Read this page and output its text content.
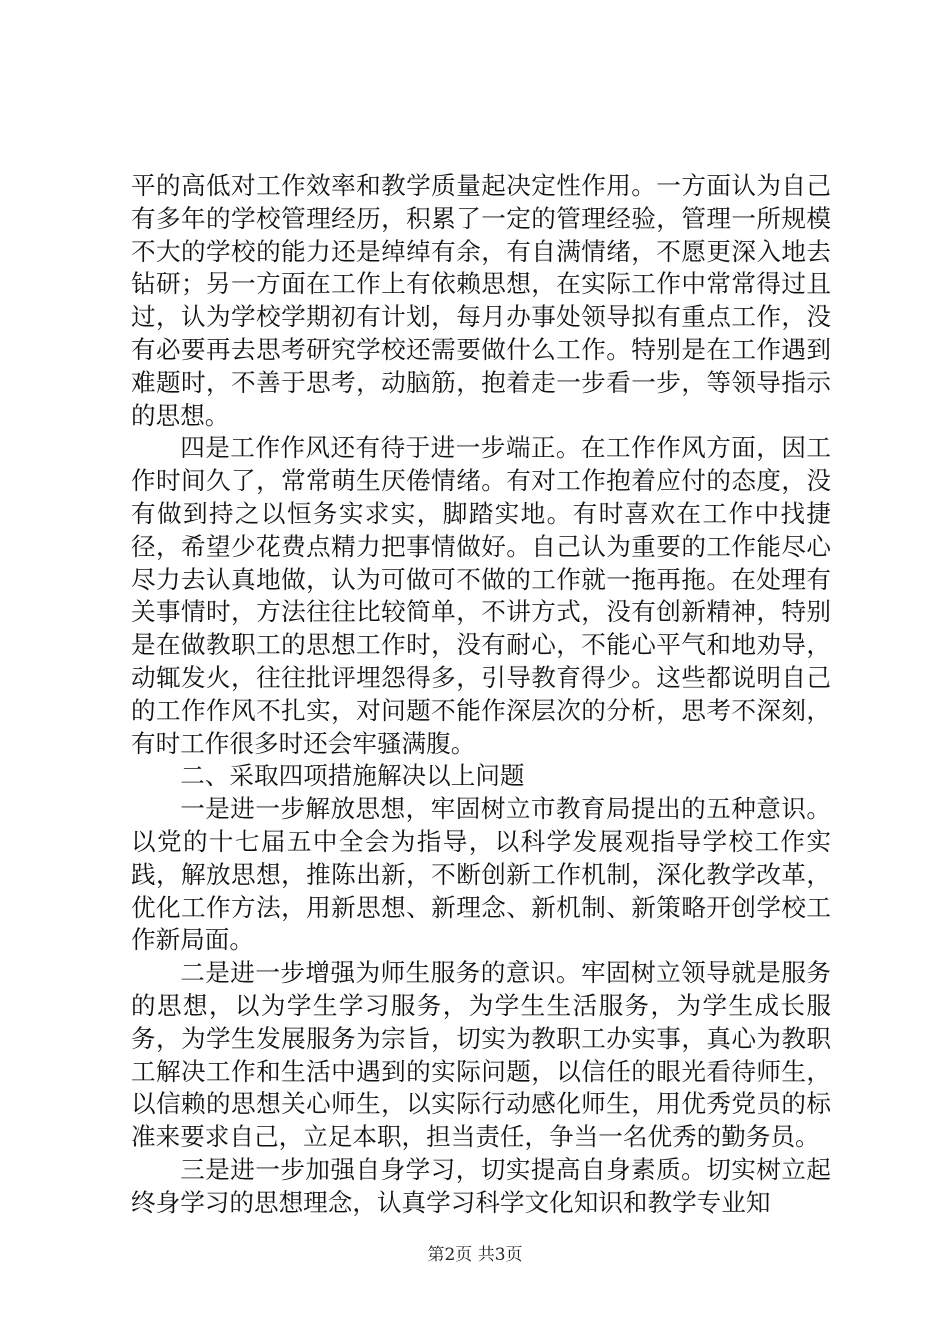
平的高低对工作效率和教学质量起决定性作用。一方面认为自己有多年的学校管理经历，积累了一定的管理经验，管理一所规模不大的学校的能力还是绰绰有余，有自满情绪，不愿更深入地去钻研；另一方面在工作上有依赖思想，在实际工作中常常得过且过，认为学校学期初有计划，每月办事处领导拟有重点工作，没有必要再去思考研究学校还需要做什么工作。特别是在工作遇到难题时，不善于思考，动脑筋，抱着走一步看一步，等领导指示的思想。

四是工作作风还有待于进一步端正。在工作作风方面，因工作时间久了，常常萌生厌倦情绪。有对工作抱着应付的态度，没有做到持之以恒务实求实，脚踏实地。有时喜欢在工作中找捷径，希望少花费点精力把事情做好。自己认为重要的工作能尽心尽力去认真地做，认为可做可不做的工作就一拖再拖。在处理有关事情时，方法往往比较简单，不讲方式，没有创新精神，特别是在做教职工的思想工作时，没有耐心，不能心平气和地劝导，动辄发火，往往批评埋怨得多，引导教育得少。这些都说明自己的工作作风不扎实，对问题不能作深层次的分析，思考不深刻，有时工作很多时还会牢骚满腹。

二、采取四项措施解决以上问题

一是进一步解放思想，牢固树立市教育局提出的五种意识。以党的十七届五中全会为指导，以科学发展观指导学校工作实践，解放思想，推陈出新，不断创新工作机制，深化教学改革，优化工作方法，用新思想、新理念、新机制、新策略开创学校工作新局面。

二是进一步增强为师生服务的意识。牢固树立领导就是服务的思想，以为学生学习服务，为学生生活服务，为学生成长服务，为学生发展服务为宗旨，切实为教职工办实事，真心为教职工解决工作和生活中遇到的实际问题，以信任的眼光看待师生，以信赖的思想关心师生，以实际行动感化师生，用优秀党员的标准来要求自己，立足本职，担当责任，争当一名优秀的勤务员。

三是进一步加强自身学习，切实提高自身素质。切实树立起终身学习的思想理念，认真学习科学文化知识和教学专业知

第2页 共3页
